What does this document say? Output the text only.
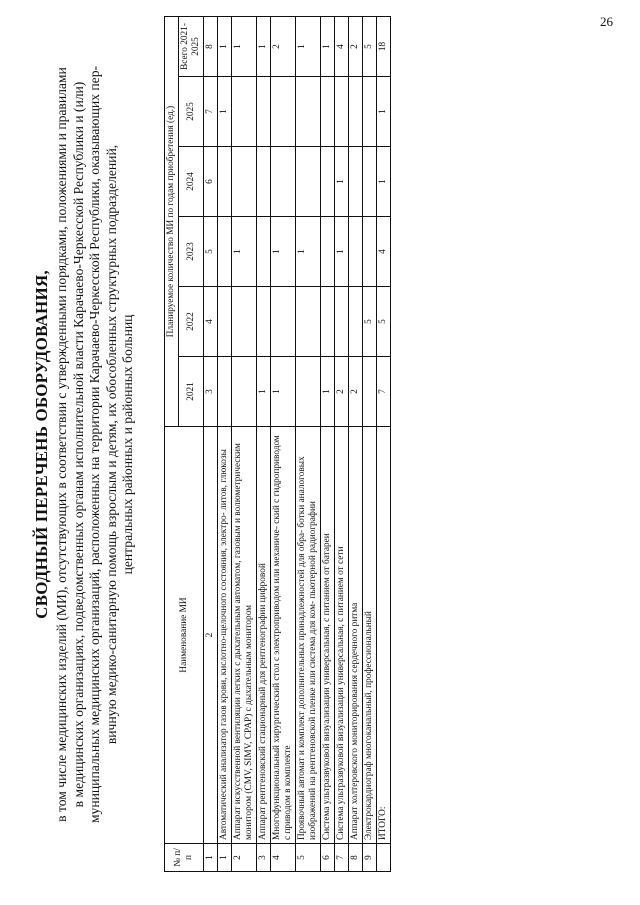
26
СВОДНЫЙ ПЕРЕЧЕНЬ ОБОРУДОВАНИЯ, в том числе медицинских изделий (МИ), отсутствующих в соответствии с утвержденными порядками, положениями и правилами в медицинских организациях, подведомственных органам исполнительной власти Карачаево-Черкесской Республики и (или) муниципальных медицинских организаций, расположенных на территории Карачаево-Черкесской Республики, оказывающих пер- вичную медико-санитарную помощь взрослым и детям, их обособленных структурных подразделений, центральных районных и районных больниц
№ п/п	Наименование МИ	Планируемое количество МИ по годам приобретения (ед.)					
		2021	2022	2023	2024	2025	Всего 2021-2025
1	2	3	4	5	6	7	8
1	Автоматический анализатор газов крови, кислотно-щелочного состояния, электро- литов, глюкозы					1	1
2	Аппарат искусственной вентиляции легких с дыхательным автоматом, газовым и волюметрическим монитором (CMV, SIMV, CPAP) с дыхательным монитором			1			1
3	Аппарат рентгеновский стационарный для рентгенографии цифровой	1					1
4	Многофункциональный хирургический стол с электроприводом или механиче- ский с гидроприводом с приводом в комплекте	1		1			2
5	Проявочный автомат и комплект дополнительных принадлежностей для обра- ботки аналоговых изображений на рентгеновской пленке или система для ком- пьютерной радиографии			1			1
6	Система ультразвуковой визуализации универсальная, с питанием от батареи	1					1
7	Система ультразвуковой визуализации универсальная, с питанием от сети	2		1	1		4
8	Аппарат холтеровского мониторирования сердечного ритма	2					2
9	Электрокардиограф многоканальный, профессиональный		5				5
	ИТОГО:	7	5	4	1	1	18
